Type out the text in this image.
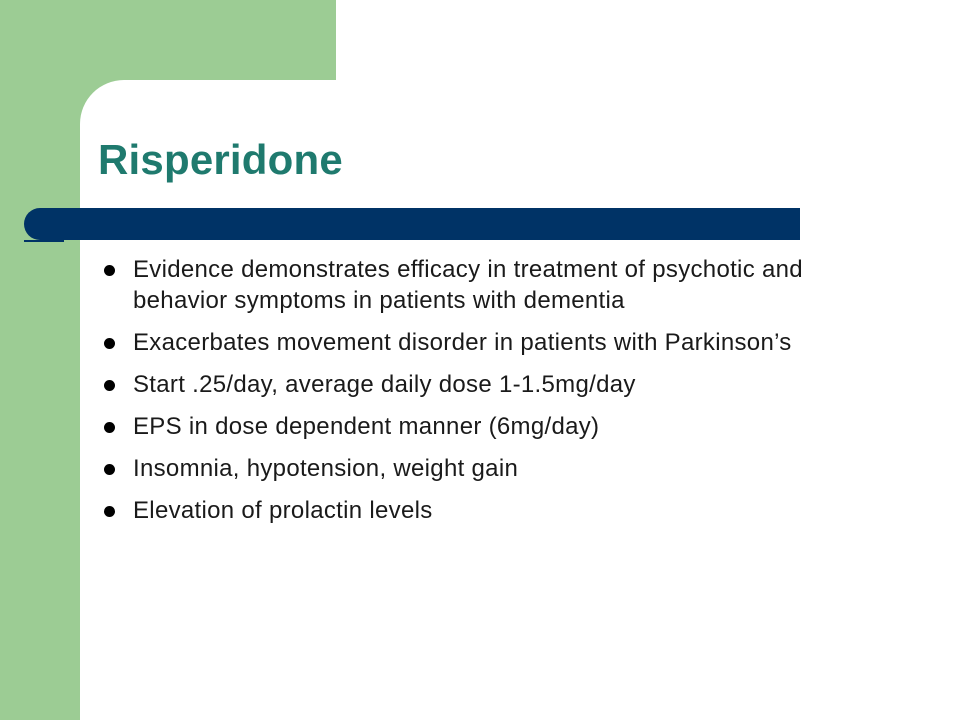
Risperidone
Evidence demonstrates efficacy in treatment of psychotic and behavior symptoms in patients with dementia
Exacerbates movement disorder in patients with Parkinson’s
Start .25/day, average daily dose 1-1.5mg/day
EPS in dose dependent manner (6mg/day)
Insomnia, hypotension, weight gain
Elevation of prolactin levels
